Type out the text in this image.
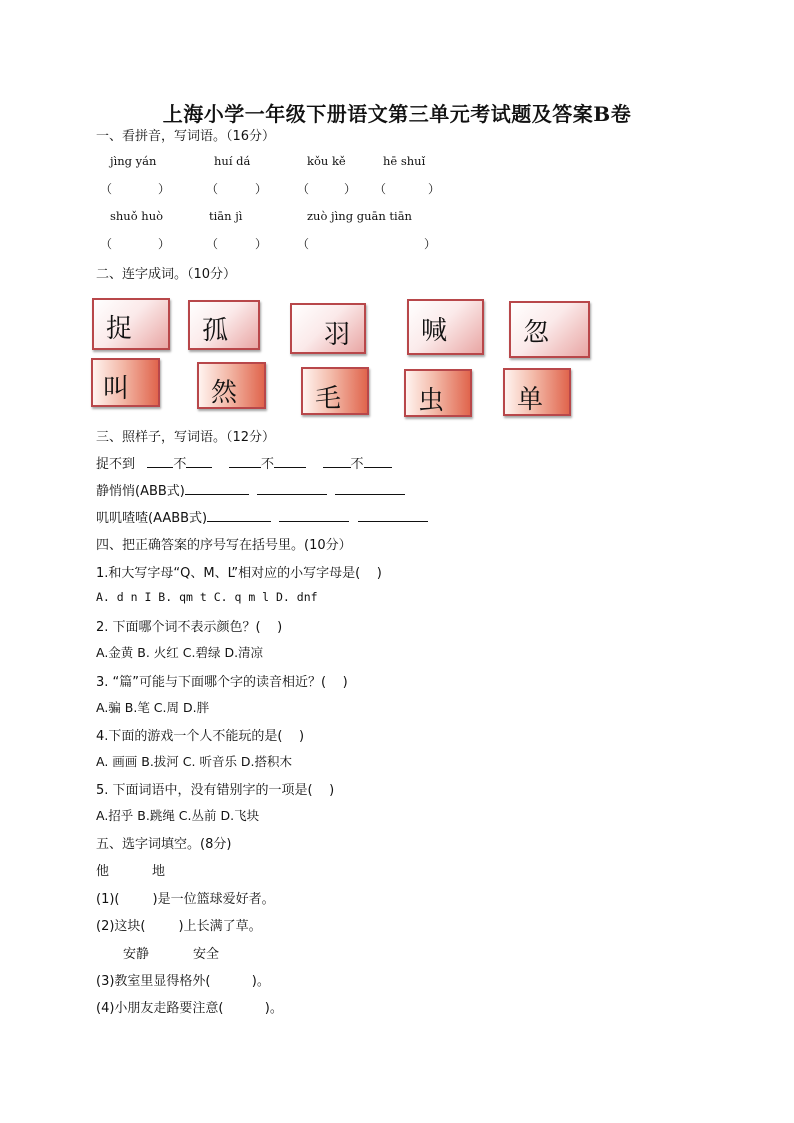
上海小学一年级下册语文第三单元考试题及答案B卷
一、看拼音，写词语。（16分）
jìng yán	huí dá	kǒu kě	hē shuǐ
（	）	（	） （	） （	）
shuǒ huò	tiān jì	zuò jìng guān tiān
（	）	（	） （	）
二、连字成词。（10分）
捉	孤	羽	喊	忽
叫	然	毛	虫	单
三、照样子，写词语。（12分）
捉不到	不	不	不
静悄悄(ABB式)
叽叽喳喳(AABB式)
四、把正确答案的序号写在括号里。(10分）
1.和大写字母“Q、M、L”相对应的小写字母是(    )
A. d n I B. qm t C. q m l D. dnf
2. 下面哪个词不表示颜色？(    )
A.金黄 B. 火红 C.碧绿 D.清凉
3. “篇”可能与下面哪个字的读音相近？(    )
A.骗 B.笔 C.周 D.胖
4.下面的游戏一个人不能玩的是(    )
A. 画画 B.拔河 C. 听音乐 D.搭积木
5. 下面词语中，没有错别字的一项是(    )
A.招乎 B.跳绳 C.丛前 D.飞块
五、选字词填空。(8分)
他	地
(1)(        )是一位篮球爱好者。
(2)这块(        )上长满了草。
安静	安全
(3)教室里显得格外(          )。
(4)小朋友走路要注意(          )。
